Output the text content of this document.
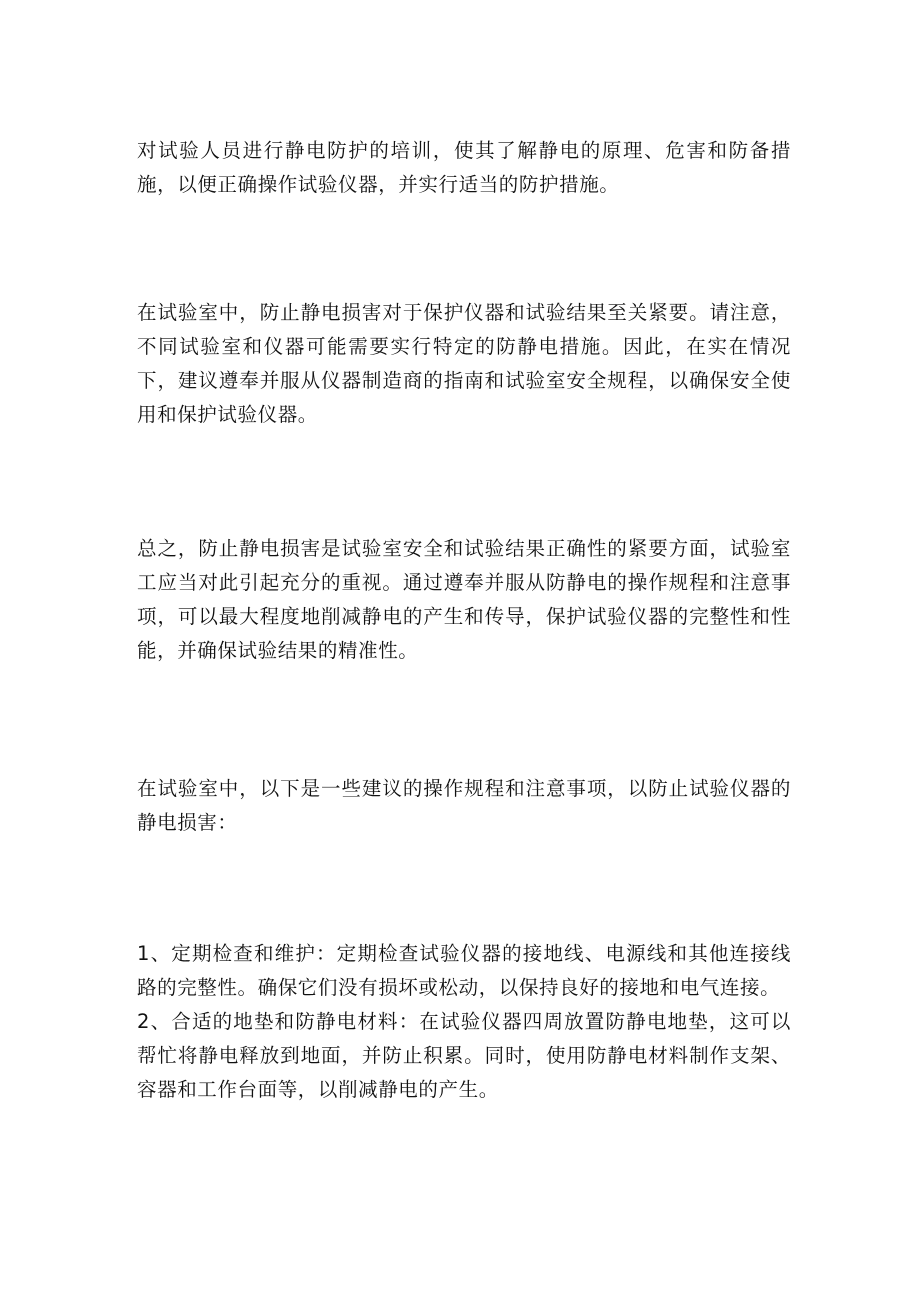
对试验人员进行静电防护的培训，使其了解静电的原理、危害和防备措施，以便正确操作试验仪器，并实行适当的防护措施。

在试验室中，防止静电损害对于保护仪器和试验结果至关紧要。请注意，不同试验室和仪器可能需要实行特定的防静电措施。因此，在实在情况下，建议遵奉并服从仪器制造商的指南和试验室安全规程，以确保安全使用和保护试验仪器。

总之，防止静电损害是试验室安全和试验结果正确性的紧要方面，试验室工应当对此引起充分的重视。通过遵奉并服从防静电的操作规程和注意事项，可以最大程度地削减静电的产生和传导，保护试验仪器的完整性和性能，并确保试验结果的精准性。

在试验室中，以下是一些建议的操作规程和注意事项，以防止试验仪器的静电损害：

1、定期检查和维护：定期检查试验仪器的接地线、电源线和其他连接线路的完整性。确保它们没有损坏或松动，以保持良好的接地和电气连接。
2、合适的地垫和防静电材料：在试验仪器四周放置防静电地垫，这可以帮忙将静电释放到地面，并防止积累。同时，使用防静电材料制作支架、容器和工作台面等，以削减静电的产生。
